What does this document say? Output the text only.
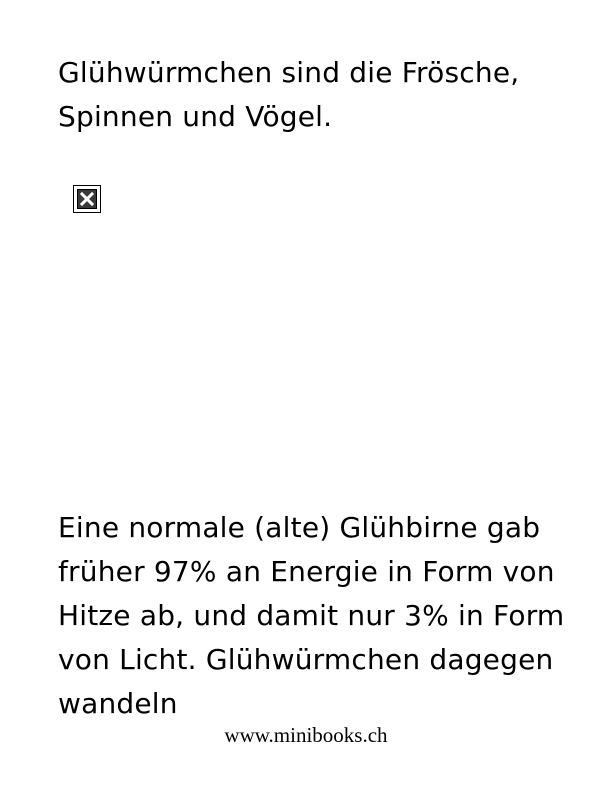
Glühwürmchen sind die Frösche, Spinnen und Vögel.

Eine normale (alte) Glühbirne gab früher 97% an Energie in Form von Hitze ab, und damit nur 3% in Form von Licht. Glühwürmchen dagegen wandeln

www.minibooks.ch
